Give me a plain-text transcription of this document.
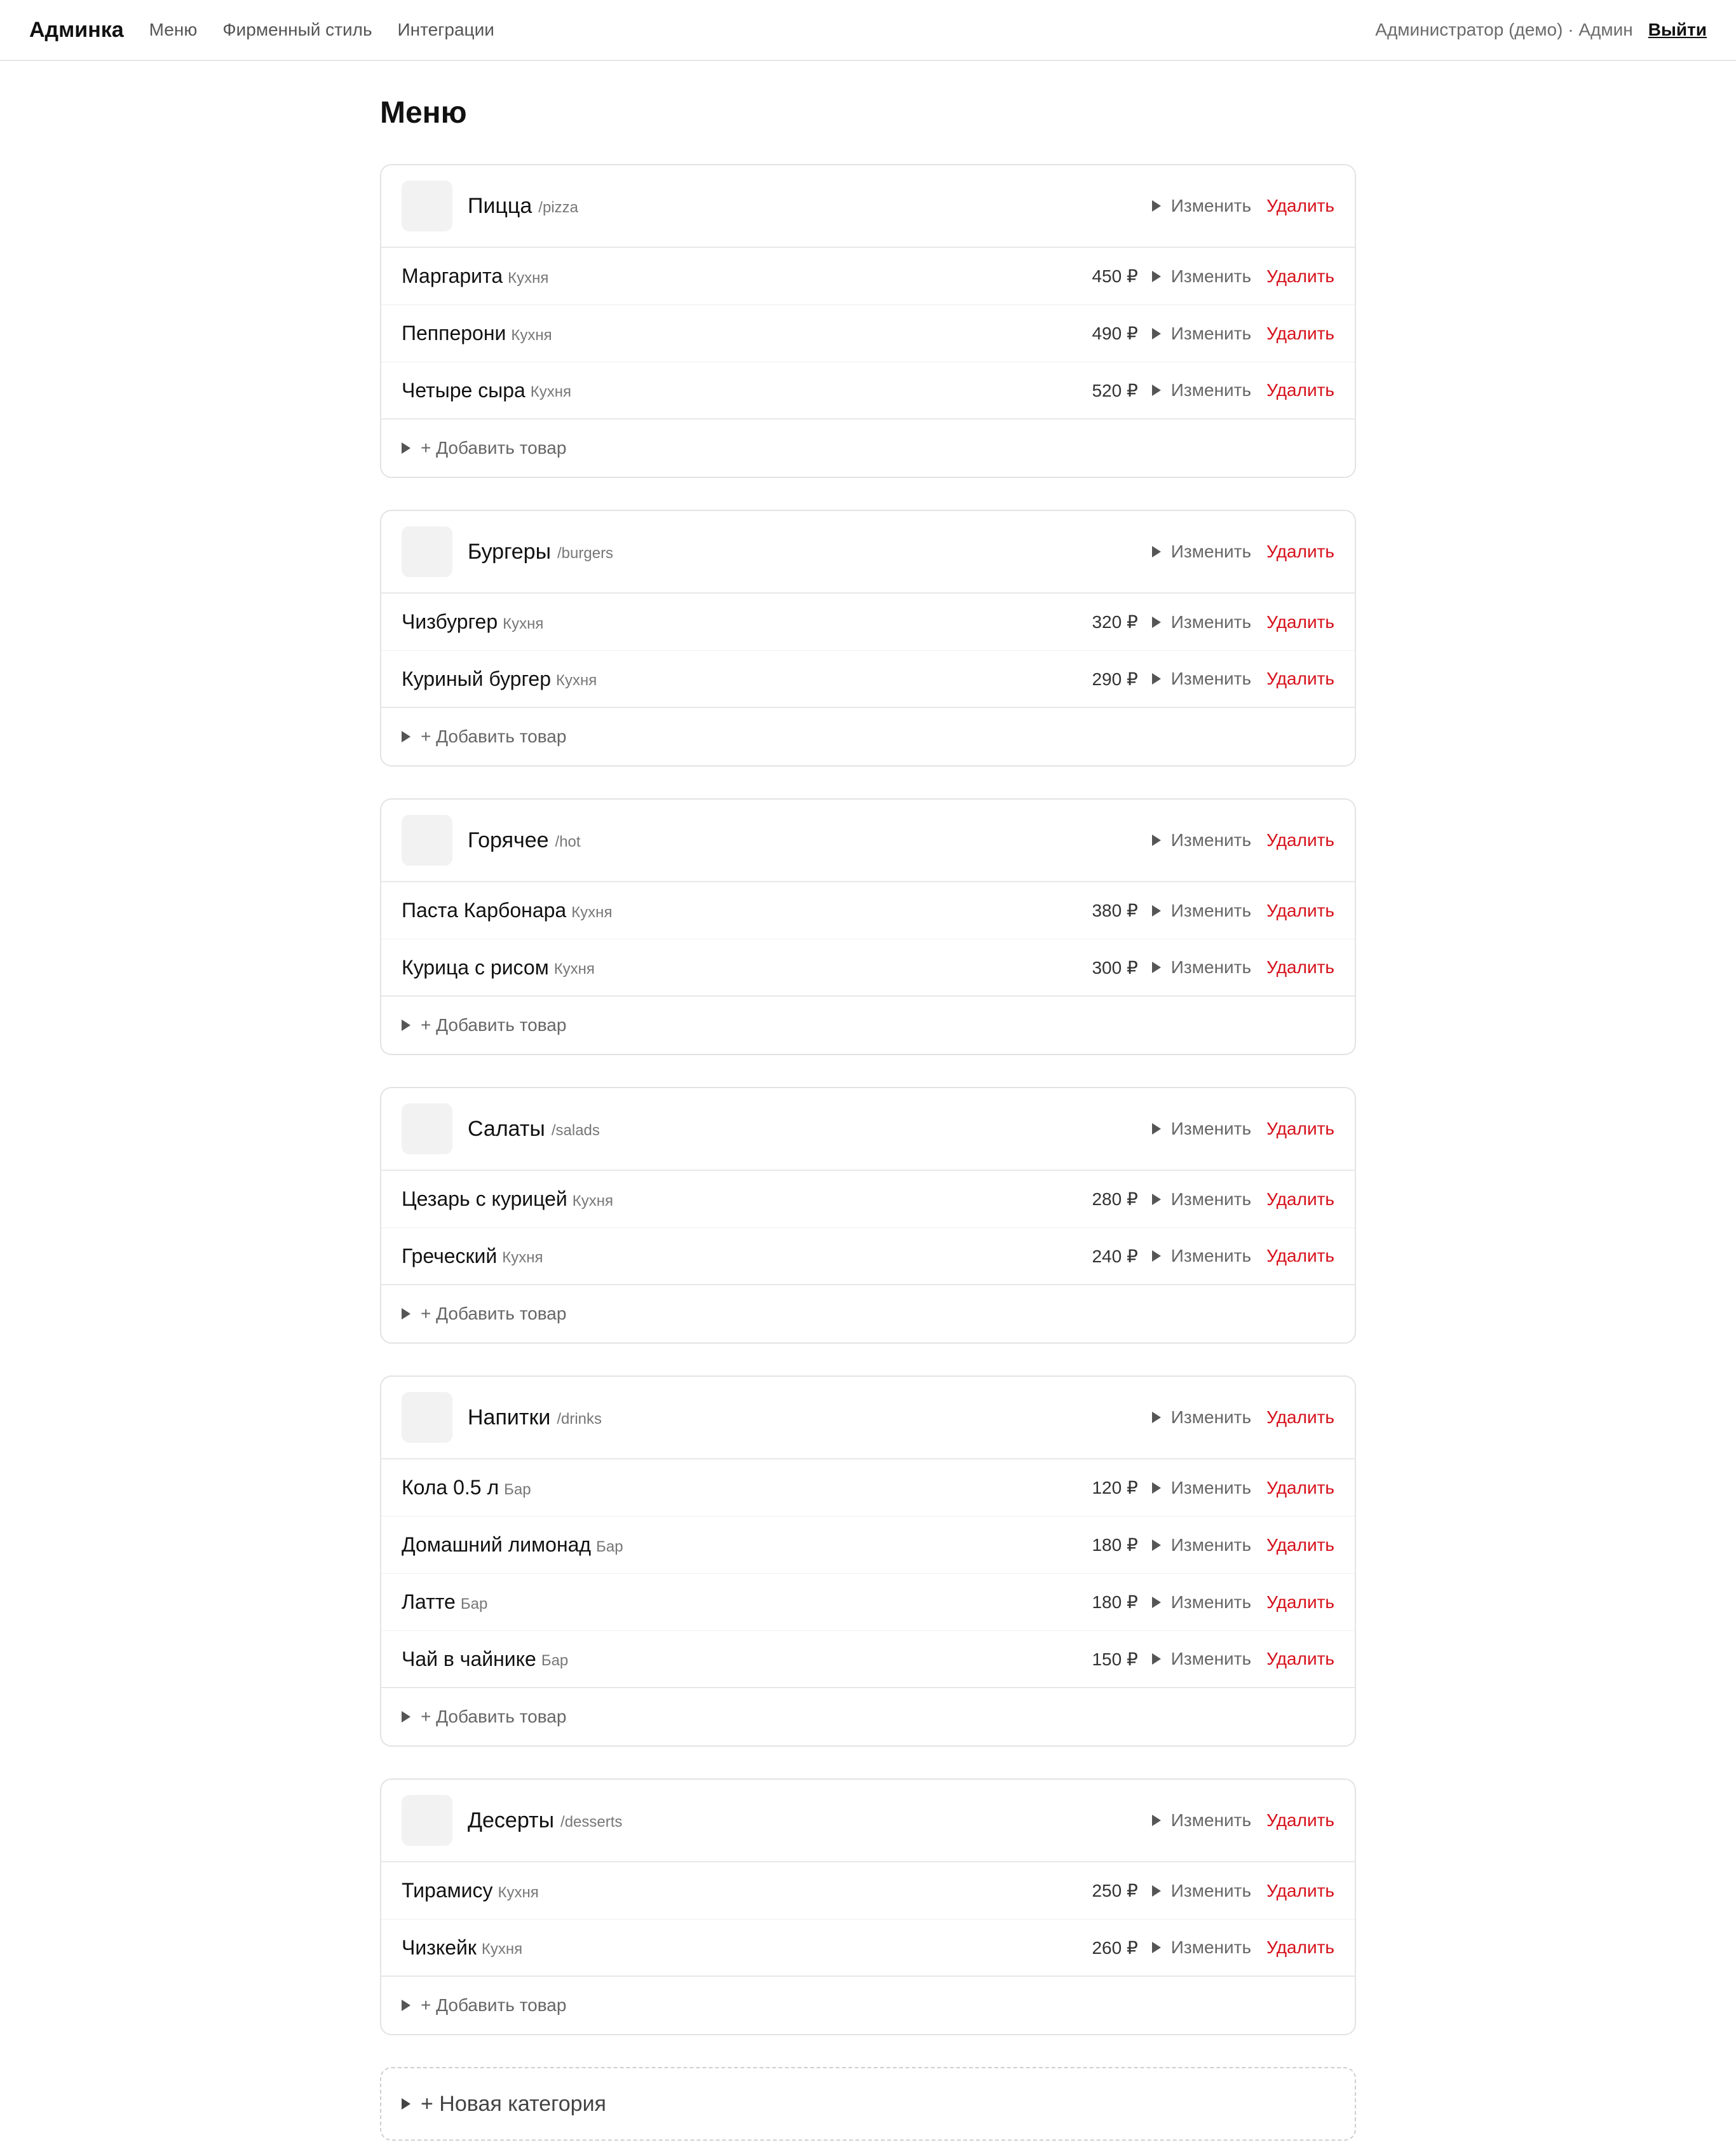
Админка Меню Фирменный стиль Интеграции	Администратор (демо) · Админ Выйти
Меню

Пицца /pizza	Изменить Удалить
Маргарита Кухня	450 ₽ Изменить Удалить
Пепперони Кухня	490 ₽ Изменить Удалить
Четыре сыра Кухня	520 ₽ Изменить Удалить
+ Добавить товар

Бургеры /burgers	Изменить Удалить
Чизбургер Кухня	320 ₽ Изменить Удалить
Куриный бургер Кухня	290 ₽ Изменить Удалить
+ Добавить товар

Горячее /hot	Изменить Удалить
Паста Карбонара Кухня	380 ₽ Изменить Удалить
Курица с рисом Кухня	300 ₽ Изменить Удалить
+ Добавить товар

Салаты /salads	Изменить Удалить
Цезарь с курицей Кухня	280 ₽ Изменить Удалить
Греческий Кухня	240 ₽ Изменить Удалить
+ Добавить товар

Напитки /drinks	Изменить Удалить
Кола 0.5 л Бар	120 ₽ Изменить Удалить
Домашний лимонад Бар	180 ₽ Изменить Удалить
Латте Бар	180 ₽ Изменить Удалить
Чай в чайнике Бар	150 ₽ Изменить Удалить
+ Добавить товар

Десерты /desserts	Изменить Удалить
Тирамису Кухня	250 ₽ Изменить Удалить
Чизкейк Кухня	260 ₽ Изменить Удалить
+ Добавить товар
+ Новая категория
